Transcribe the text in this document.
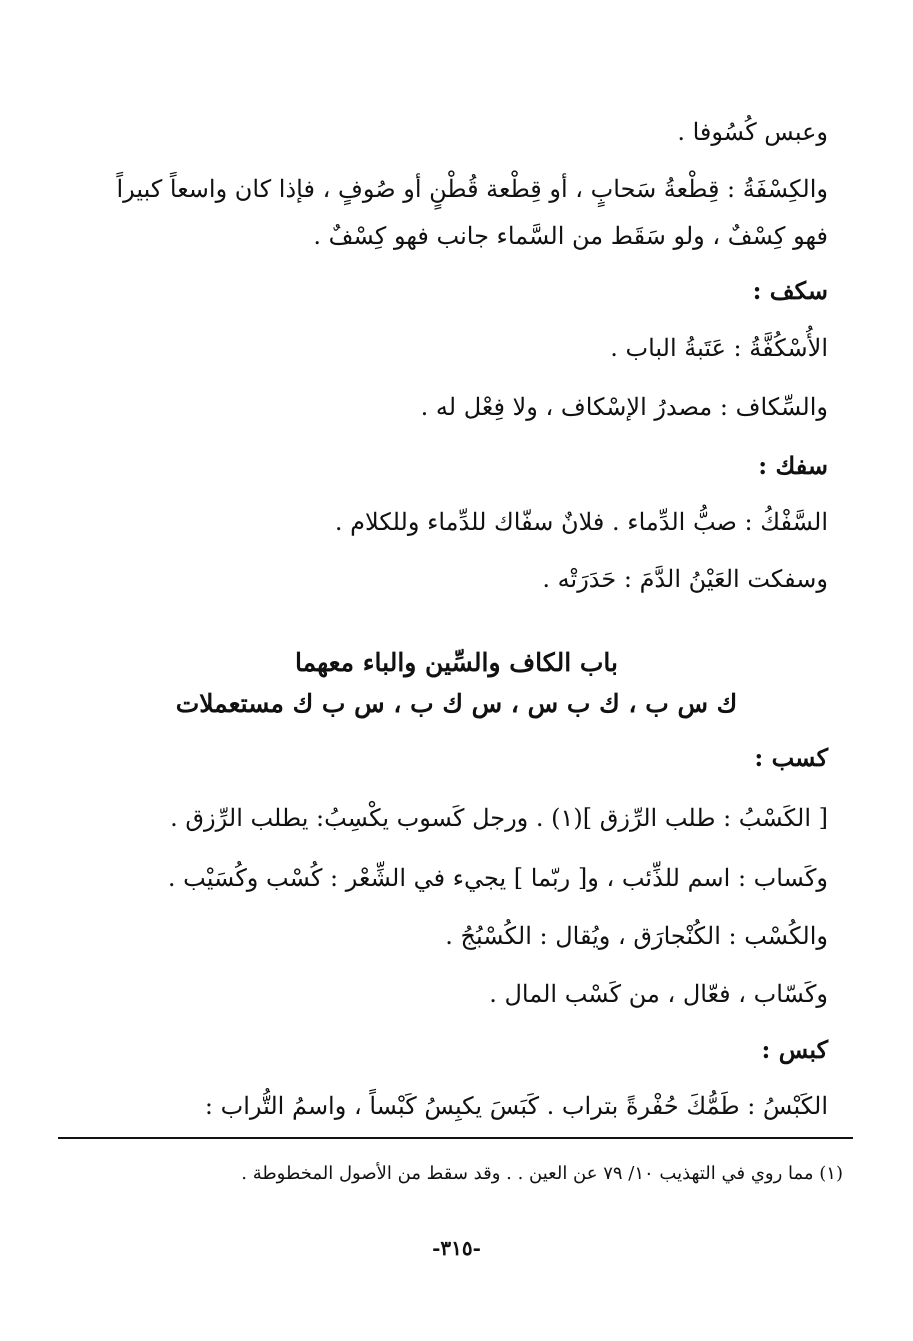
وعبس كُسُوفا .
والكِسْفَةُ : قِطْعةُ سَحابٍ ، أو قِطْعة قُطْنٍ أو صُوفٍ ، فإذا كان واسعاً كبيراً
فهو كِسْفٌ ، ولو سَقَط من السَّماء جانب فهو كِسْفٌ .
سكف :
الأُسْكُفَّةُ : عَتَبةُ الباب .
والسِّكاف : مصدرُ الإسْكاف ، ولا فِعْل له .
سفك :
السَّفْكُ : صبُّ الدِّماء . فلانٌ سفّاك للدِّماء وللكلام .
وسفكت العَيْنُ الدَّمَ : حَدَرَتْه .
باب الكاف والسِّين والباء معهما
ك س ب ، ك ب س ، س ك ب ، س ب ك مستعملات
كسب :
[ الكَسْبُ : طلب الرِّزق ](١) . ورجل كَسوب يكْسِبُ: يطلب الرِّزق .
وكَساب : اسم للذِّئب ، و[ ربّما ] يجيء في الشِّعْر : كُسْب وكُسَيْب .
والكُسْب : الكُنْجارَق ، ويُقال : الكُسْبُجُ .
وكَسّاب ، فعّال ، من كَسْب المال .
كبس :
الكَبْسُ : طَمُّكَ حُفْرةً بتراب . كَبَسَ يكبِسُ كَبْساً ، واسمُ التُّراب :
(١) مما روي في التهذيب ١٠/ ٧٩ عن العين . . وقد سقط من الأصول المخطوطة .
-٣١٥-
